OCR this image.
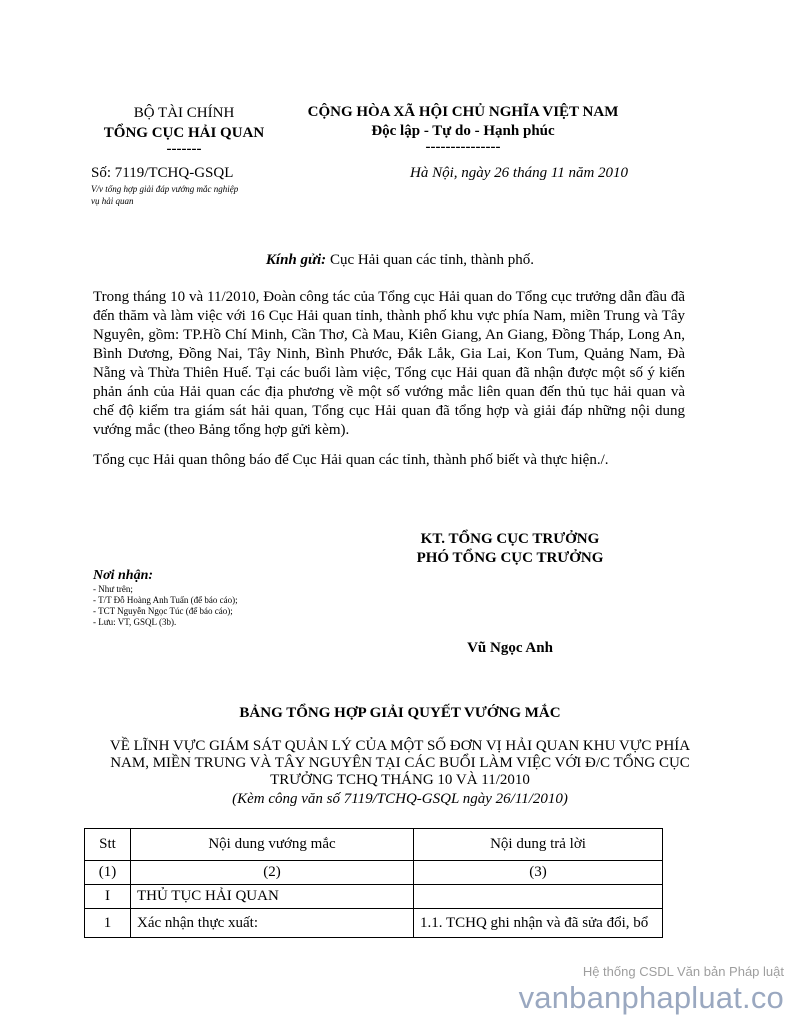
BỘ TÀI CHÍNH
TỔNG CỤC HẢI QUAN
-------
CỘNG HÒA XÃ HỘI CHỦ NGHĨA VIỆT NAM
Độc lập - Tự do - Hạnh phúc
---------------
Số: 7119/TCHQ-GSQL
V/v tổng hợp giải đáp vướng mắc nghiệp
vụ hải quan
Hà Nội, ngày 26 tháng 11 năm 2010
Kính gửi: Cục Hải quan các tỉnh, thành phố.
Trong tháng 10 và 11/2010, Đoàn công tác của Tổng cục Hải quan do Tổng cục trưởng dẫn đầu đã đến thăm và làm việc với 16 Cục Hải quan tỉnh, thành phố khu vực phía Nam, miền Trung và Tây Nguyên, gồm: TP.Hồ Chí Minh, Cần Thơ, Cà Mau, Kiên Giang, An Giang, Đồng Tháp, Long An, Bình Dương, Đồng Nai, Tây Ninh, Bình Phước, Đắk Lắk, Gia Lai, Kon Tum, Quảng Nam, Đà Nẵng và Thừa Thiên Huế. Tại các buổi làm việc, Tổng cục Hải quan đã nhận được một số ý kiến phản ánh của Hải quan các địa phương về một số vướng mắc liên quan đến thủ tục hải quan và chế độ kiểm tra giám sát hải quan, Tổng cục Hải quan đã tổng hợp và giải đáp những nội dung vướng mắc (theo Bảng tổng hợp gửi kèm).
Tổng cục Hải quan thông báo để Cục Hải quan các tỉnh, thành phố biết và thực hiện./.
KT. TỔNG CỤC TRƯỞNG
PHÓ TỔNG CỤC TRƯỞNG
Vũ Ngọc Anh
Nơi nhận:
- Như trên;
- T/T Đỗ Hoàng Anh Tuấn (để báo cáo);
- TCT Nguyễn Ngọc Túc (để báo cáo);
- Lưu: VT, GSQL (3b).
BẢNG TỔNG HỢP GIẢI QUYẾT VƯỚNG MẮC
VỀ LĨNH VỰC GIÁM SÁT QUẢN LÝ CỦA MỘT SỐ ĐƠN VỊ HẢI QUAN KHU VỰC PHÍA
NAM, MIỀN TRUNG VÀ TÂY NGUYÊN TẠI CÁC BUỔI LÀM VIỆC VỚI Đ/C TỔNG CỤC
TRƯỞNG TCHQ THÁNG 10 VÀ 11/2010
(Kèm công văn số 7119/TCHQ-GSQL ngày 26/11/2010)
Stt	Nội dung vướng mắc	Nội dung trả lời
(1)	(2)	(3)
I	THỦ TỤC HẢI QUAN	
1	Xác nhận thực xuất:	1.1. TCHQ ghi nhận và đã sửa đổi, bổ
Hệ thống CSDL Văn bản Pháp luật
vanbanphapluat.co
